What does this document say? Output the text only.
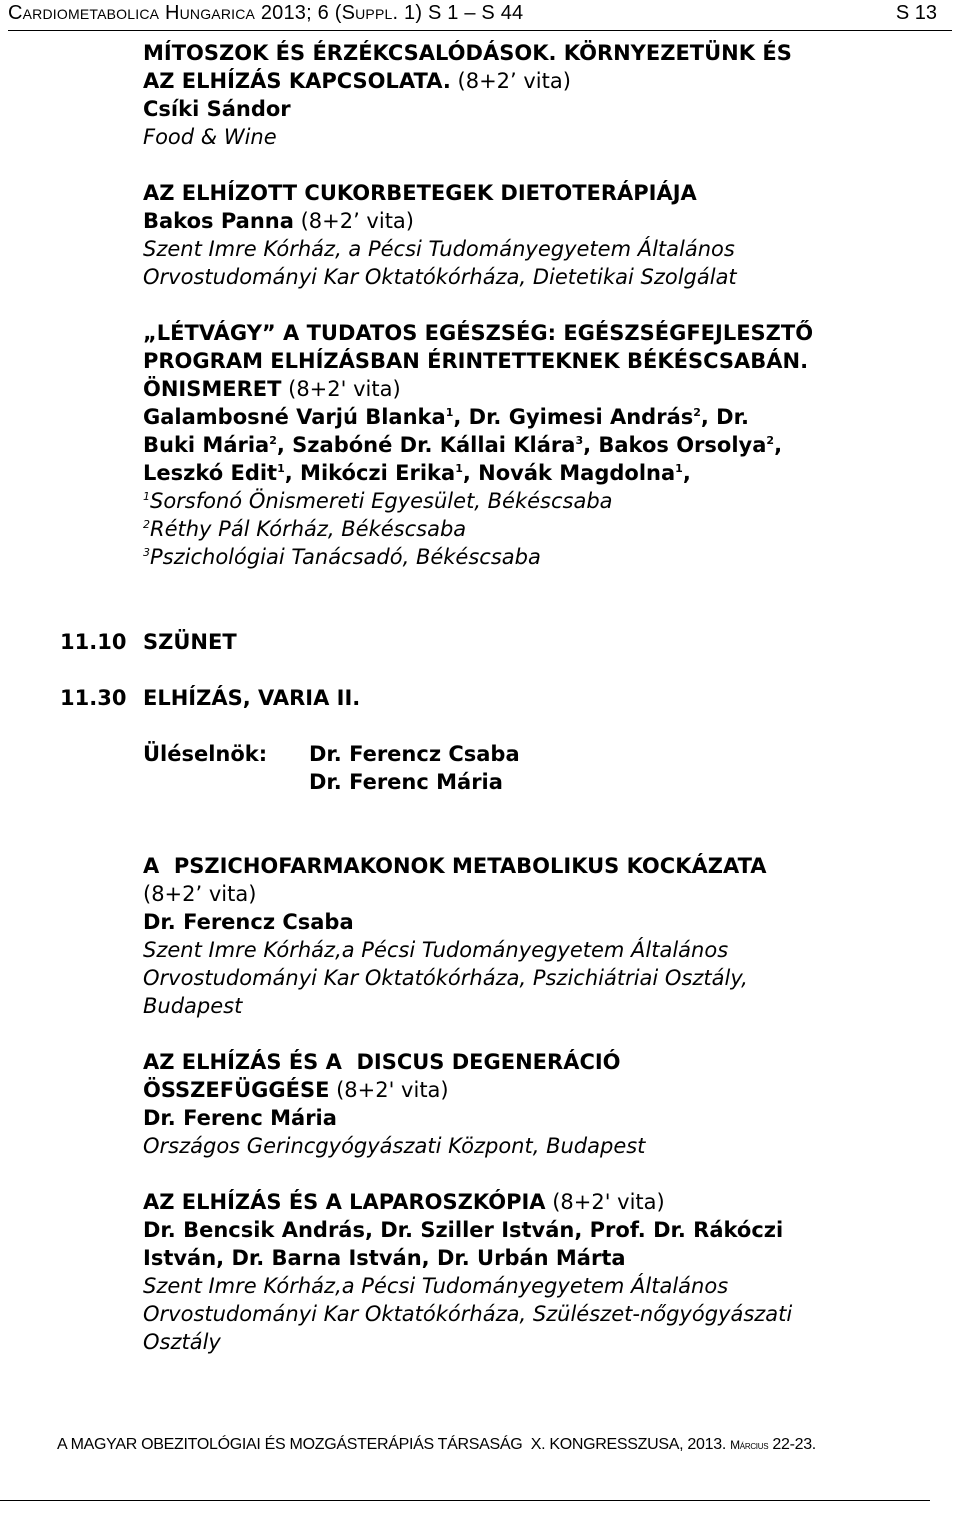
Cardiometabolica Hungarica 2013; 6 (Suppl. 1) S 1 – S 44	S 13
MÍTOSZOK ÉS ÉRZÉKCSALÓDÁSOK. KÖRNYEZETÜNK ÉS
AZ ELHÍZÁS KAPCSOLATA. (8+2’ vita)
Csíki Sándor
Food & Wine
AZ ELHÍZOTT CUKORBETEGEK DIETOTERÁPIÁJA
Bakos Panna (8+2’ vita)
Szent Imre Kórház, a Pécsi Tudományegyetem Általános
Orvostudományi Kar Oktatókórháza, Dietetikai Szolgálat
„LÉTVÁGY” A TUDATOS EGÉSZSÉG: EGÉSZSÉGFEJLESZTŐ
PROGRAM ELHÍZÁSBAN ÉRINTETTEKNEK BÉKÉSCSABÁN.
ÖNISMERET (8+2' vita)
Galambosné Varjú Blanka$^1$, Dr. Gyimesi András$^2$, Dr.
Buki Mária$^2$, Szabóné Dr. Kállai Klára$^3$, Bakos Orsolya$^2$,
Leszkó Edit$^1$, Mikóczi Erika$^1$, Novák Magdolna$^1$,
$^1$Sorsfonó Önismereti Egyesület, Békéscsaba
$^2$Réthy Pál Kórház, Békéscsaba
$^3$Pszichológiai Tanácsadó, Békéscsaba
11.10 SZÜNET
11.30 ELHÍZÁS, VARIA II.
Üléselnök:	Dr. Ferencz Csaba
Dr. Ferenc Mária
A  PSZICHOFARMAKONOK METABOLIKUS KOCKÁZATA
(8+2’ vita)
Dr. Ferencz Csaba
Szent Imre Kórház,a Pécsi Tudományegyetem Általános
Orvostudományi Kar Oktatókórháza, Pszichiátriai Osztály,
Budapest
AZ ELHÍZÁS ÉS A  DISCUS DEGENERÁCIÓ
ÖSSZEFÜGGÉSE (8+2' vita)
Dr. Ferenc Mária
Országos Gerincgyógyászati Központ, Budapest
AZ ELHÍZÁS ÉS A LAPAROSZKÓPIA (8+2' vita)
Dr. Bencsik András, Dr. Sziller István, Prof. Dr. Rákóczi
István, Dr. Barna István, Dr. Urbán Márta
Szent Imre Kórház,a Pécsi Tudományegyetem Általános
Orvostudományi Kar Oktatókórháza, Szülészet-nőgyógyászati
Osztály
A MAGYAR OBEZITOLÓGIAI ÉS MOZGÁSTERÁPIÁS TÁRSASÁG  X. KONGRESSZUSA, 2013. Március 22-23.
